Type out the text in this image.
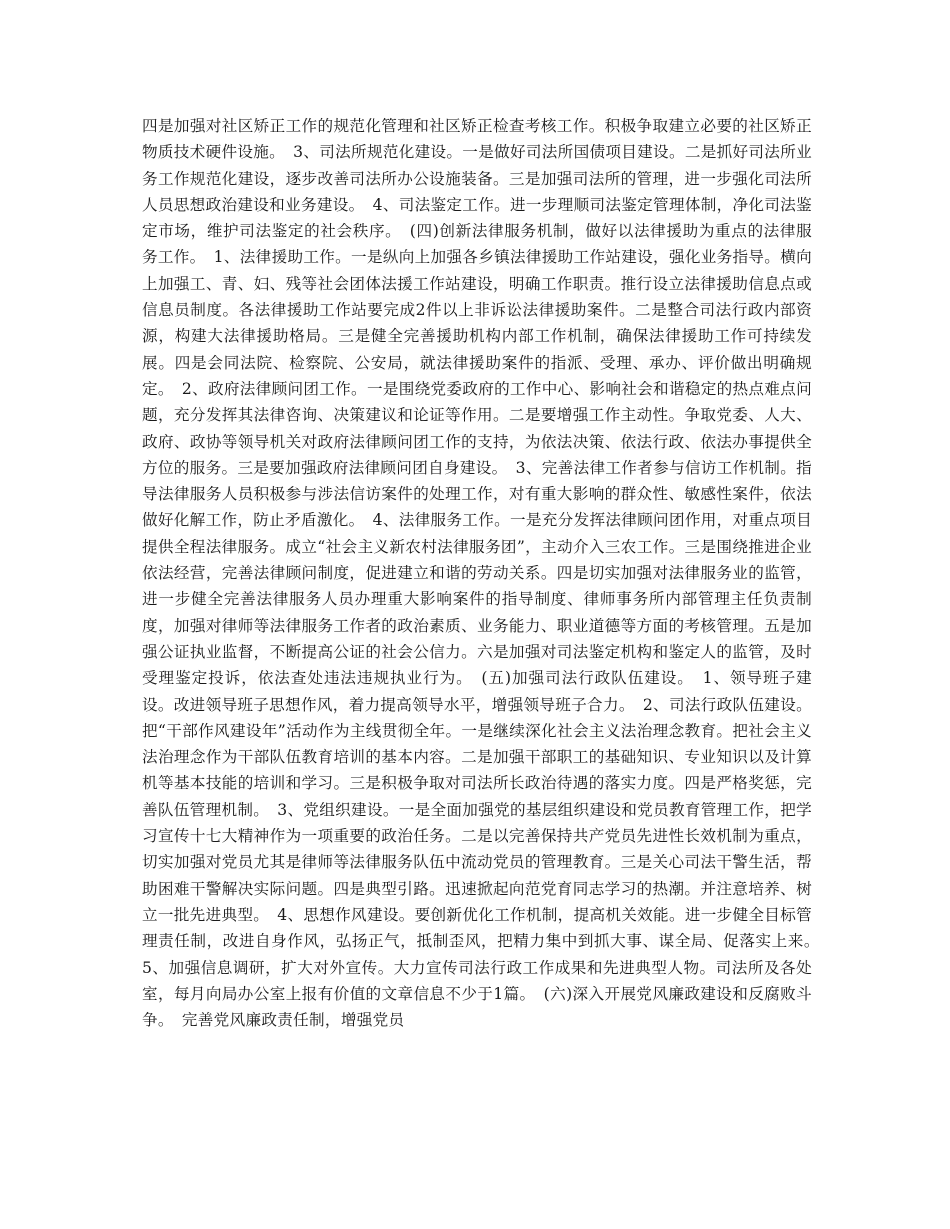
四是加强对社区矫正工作的规范化管理和社区矫正检查考核工作。积极争取建立必要的社区矫正物质技术硬件设施。　3、司法所规范化建设。一是做好司法所国债项目建设。二是抓好司法所业务工作规范化建设，逐步改善司法所办公设施装备。三是加强司法所的管理，进一步强化司法所人员思想政治建设和业务建设。　4、司法鉴定工作。进一步理顺司法鉴定管理体制，净化司法鉴定市场，维护司法鉴定的社会秩序。　(四)创新法律服务机制，做好以法律援助为重点的法律服务工作。　1、法律援助工作。一是纵向上加强各乡镇法律援助工作站建设，强化业务指导。横向上加强工、青、妇、残等社会团体法援工作站建设，明确工作职责。推行设立法律援助信息点或信息员制度。各法律援助工作站要完成2件以上非诉讼法律援助案件。二是整合司法行政内部资源，构建大法律援助格局。三是健全完善援助机构内部工作机制，确保法律援助工作可持续发展。四是会同法院、检察院、公安局，就法律援助案件的指派、受理、承办、评价做出明确规定。　2、政府法律顾问团工作。一是围绕党委政府的工作中心、影响社会和谐稳定的热点难点问题，充分发挥其法律咨询、决策建议和论证等作用。二是要增强工作主动性。争取党委、人大、政府、政协等领导机关对政府法律顾问团工作的支持，为依法决策、依法行政、依法办事提供全方位的服务。三是要加强政府法律顾问团自身建设。　3、完善法律工作者参与信访工作机制。指导法律服务人员积极参与涉法信访案件的处理工作，对有重大影响的群众性、敏感性案件，依法做好化解工作，防止矛盾激化。　4、法律服务工作。一是充分发挥法律顾问团作用，对重点项目提供全程法律服务。成立“社会主义新农村法律服务团”，主动介入三农工作。三是围绕推进企业依法经营，完善法律顾问制度，促进建立和谐的劳动关系。四是切实加强对法律服务业的监管，进一步健全完善法律服务人员办理重大影响案件的指导制度、律师事务所内部管理主任负责制度，加强对律师等法律服务工作者的政治素质、业务能力、职业道德等方面的考核管理。五是加强公证执业监督，不断提高公证的社会公信力。六是加强对司法鉴定机构和鉴定人的监管，及时受理鉴定投诉，依法查处违法违规执业行为。　(五)加强司法行政队伍建设。　1、领导班子建设。改进领导班子思想作风，着力提高领导水平，增强领导班子合力。　2、司法行政队伍建设。把“干部作风建设年”活动作为主线贯彻全年。一是继续深化社会主义法治理念教育。把社会主义法治理念作为干部队伍教育培训的基本内容。二是加强干部职工的基础知识、专业知识以及计算机等基本技能的培训和学习。三是积极争取对司法所长政治待遇的落实力度。四是严格奖惩，完善队伍管理机制。　3、党组织建设。一是全面加强党的基层组织建设和党员教育管理工作，把学习宣传十七大精神作为一项重要的政治任务。二是以完善保持共产党员先进性长效机制为重点，切实加强对党员尤其是律师等法律服务队伍中流动党员的管理教育。三是关心司法干警生活，帮助困难干警解决实际问题。四是典型引路。迅速掀起向范党育同志学习的热潮。并注意培养、树立一批先进典型。　4、思想作风建设。要创新优化工作机制，提高机关效能。进一步健全目标管理责任制，改进自身作风，弘扬正气，抵制歪风，把精力集中到抓大事、谋全局、促落实上来。　5、加强信息调研，扩大对外宣传。大力宣传司法行政工作成果和先进典型人物。司法所及各处室，每月向局办公室上报有价值的文章信息不少于1篇。　(六)深入开展党风廉政建设和反腐败斗争。　完善党风廉政责任制，增强党员
